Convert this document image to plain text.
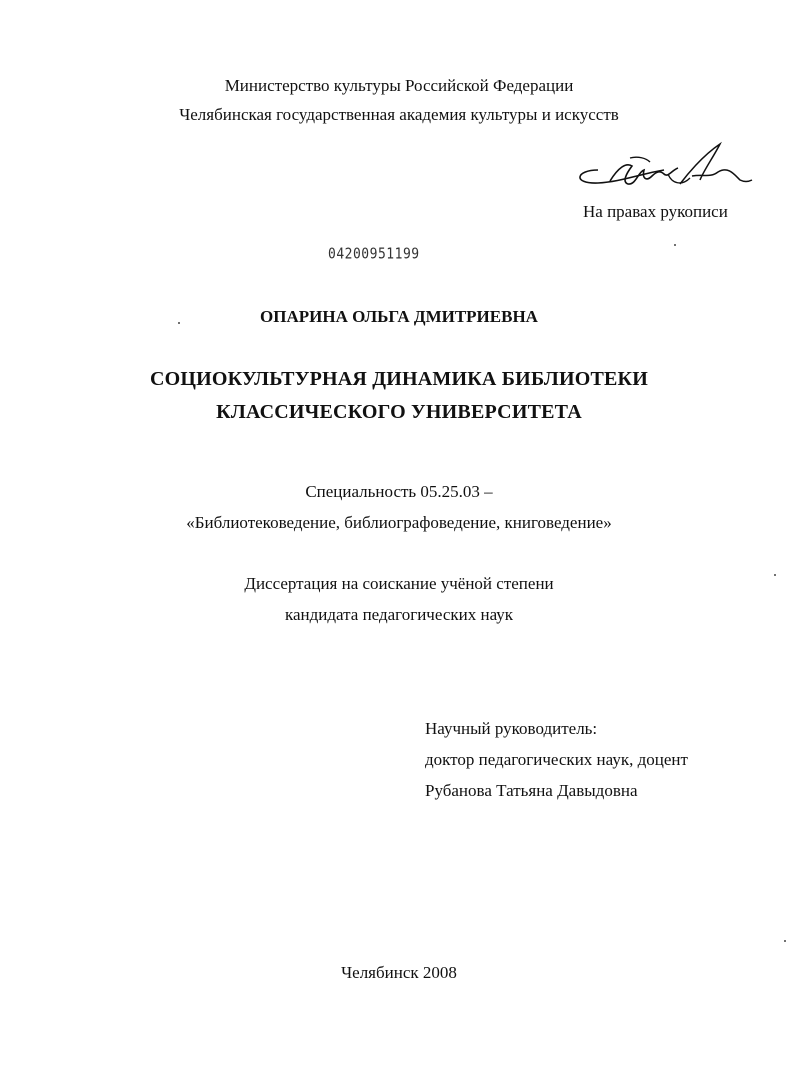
Министерство культуры Российской Федерации
Челябинская государственная академия культуры и искусств
На правах рукописи
04200951199
ОПАРИНА ОЛЬГА ДМИТРИЕВНА
СОЦИОКУЛЬТУРНАЯ ДИНАМИКА БИБЛИОТЕКИ
КЛАССИЧЕСКОГО УНИВЕРСИТЕТА
Специальность 05.25.03 –
«Библиотековедение, библиографоведение, книговедение»
Диссертация на соискание учёной степени
кандидата педагогических наук
Научный руководитель:
доктор педагогических наук, доцент
Рубанова Татьяна Давыдовна
Челябинск 2008
